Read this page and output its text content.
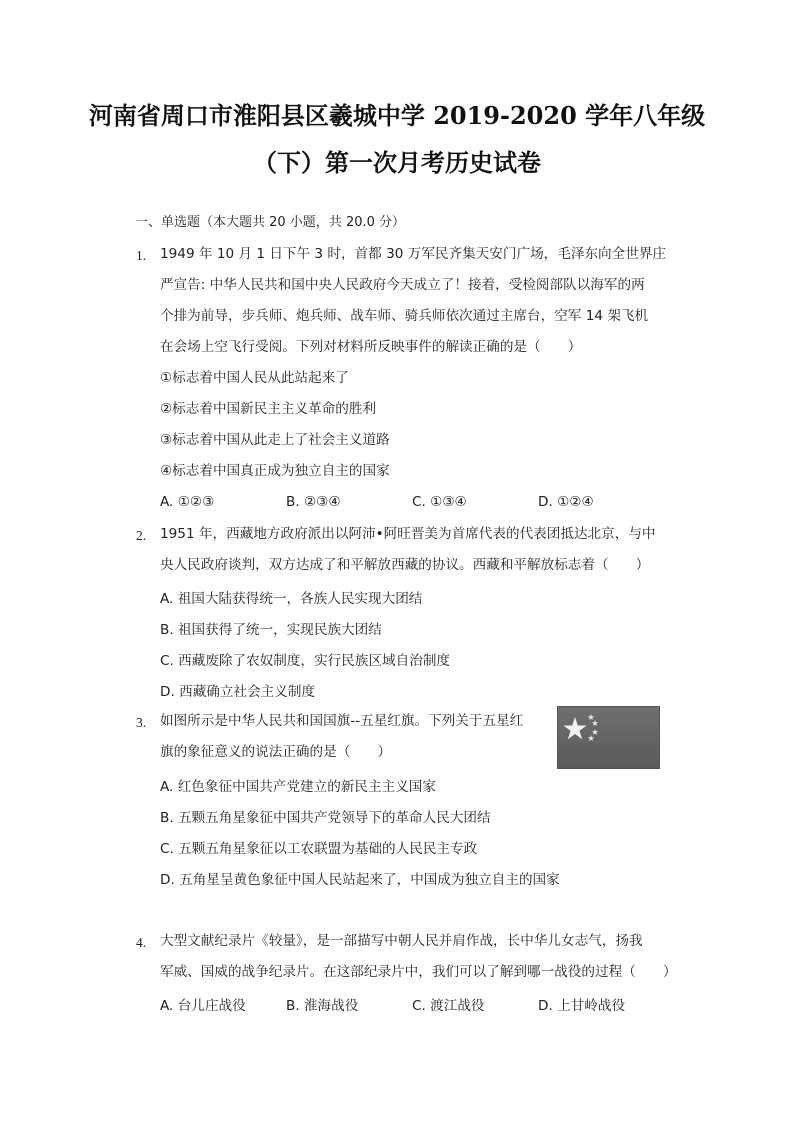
河南省周口市淮阳县区羲城中学 2019-2020 学年八年级
（下）第一次月考历史试卷
一、单选题（本大题共 20 小题，共 20.0 分）
1. 1949 年 10 月 1 日下午 3 时，首都 30 万军民齐集天安门广场，毛泽东向全世界庄
严宣告: 中华人民共和国中央人民政府今天成立了！接着，受检阅部队以海军的两
个排为前导，步兵师、炮兵师、战车师、骑兵师依次通过主席台，空军 14 架飞机
在会场上空飞行受阅。下列对材料所反映事件的解读正确的是（　　）
①标志着中国人民从此站起来了
②标志着中国新民主主义革命的胜利
③标志着中国从此走上了社会主义道路
④标志着中国真正成为独立自主的国家
A. ①②③	B. ②③④	C. ①③④	D. ①②④
2. 1951 年，西藏地方政府派出以阿沛•阿旺晋美为首席代表的代表团抵达北京，与中
央人民政府谈判，双方达成了和平解放西藏的协议。西藏和平解放标志着（　　）
A. 祖国大陆获得统一，各族人民实现大团结
B. 祖国获得了统一，实现民族大团结
C. 西藏废除了农奴制度，实行民族区域自治制度
D. 西藏确立社会主义制度
3. 如图所示是中华人民共和国国旗--五星红旗。下列关于五星红
旗的象征意义的说法正确的是（　　）
A. 红色象征中国共产党建立的新民主主义国家
B. 五颗五角星象征中国共产党领导下的革命人民大团结
C. 五颗五角星象征以工农联盟为基础的人民民主专政
D. 五角星呈黄色象征中国人民站起来了，中国成为独立自主的国家
4. 大型文献纪录片《较量》，是一部描写中朝人民并肩作战，长中华儿女志气，扬我
军威、国威的战争纪录片。在这部纪录片中，我们可以了解到哪一战役的过程（　　）
A. 台儿庄战役	B. 淮海战役	C. 渡江战役	D. 上甘岭战役
